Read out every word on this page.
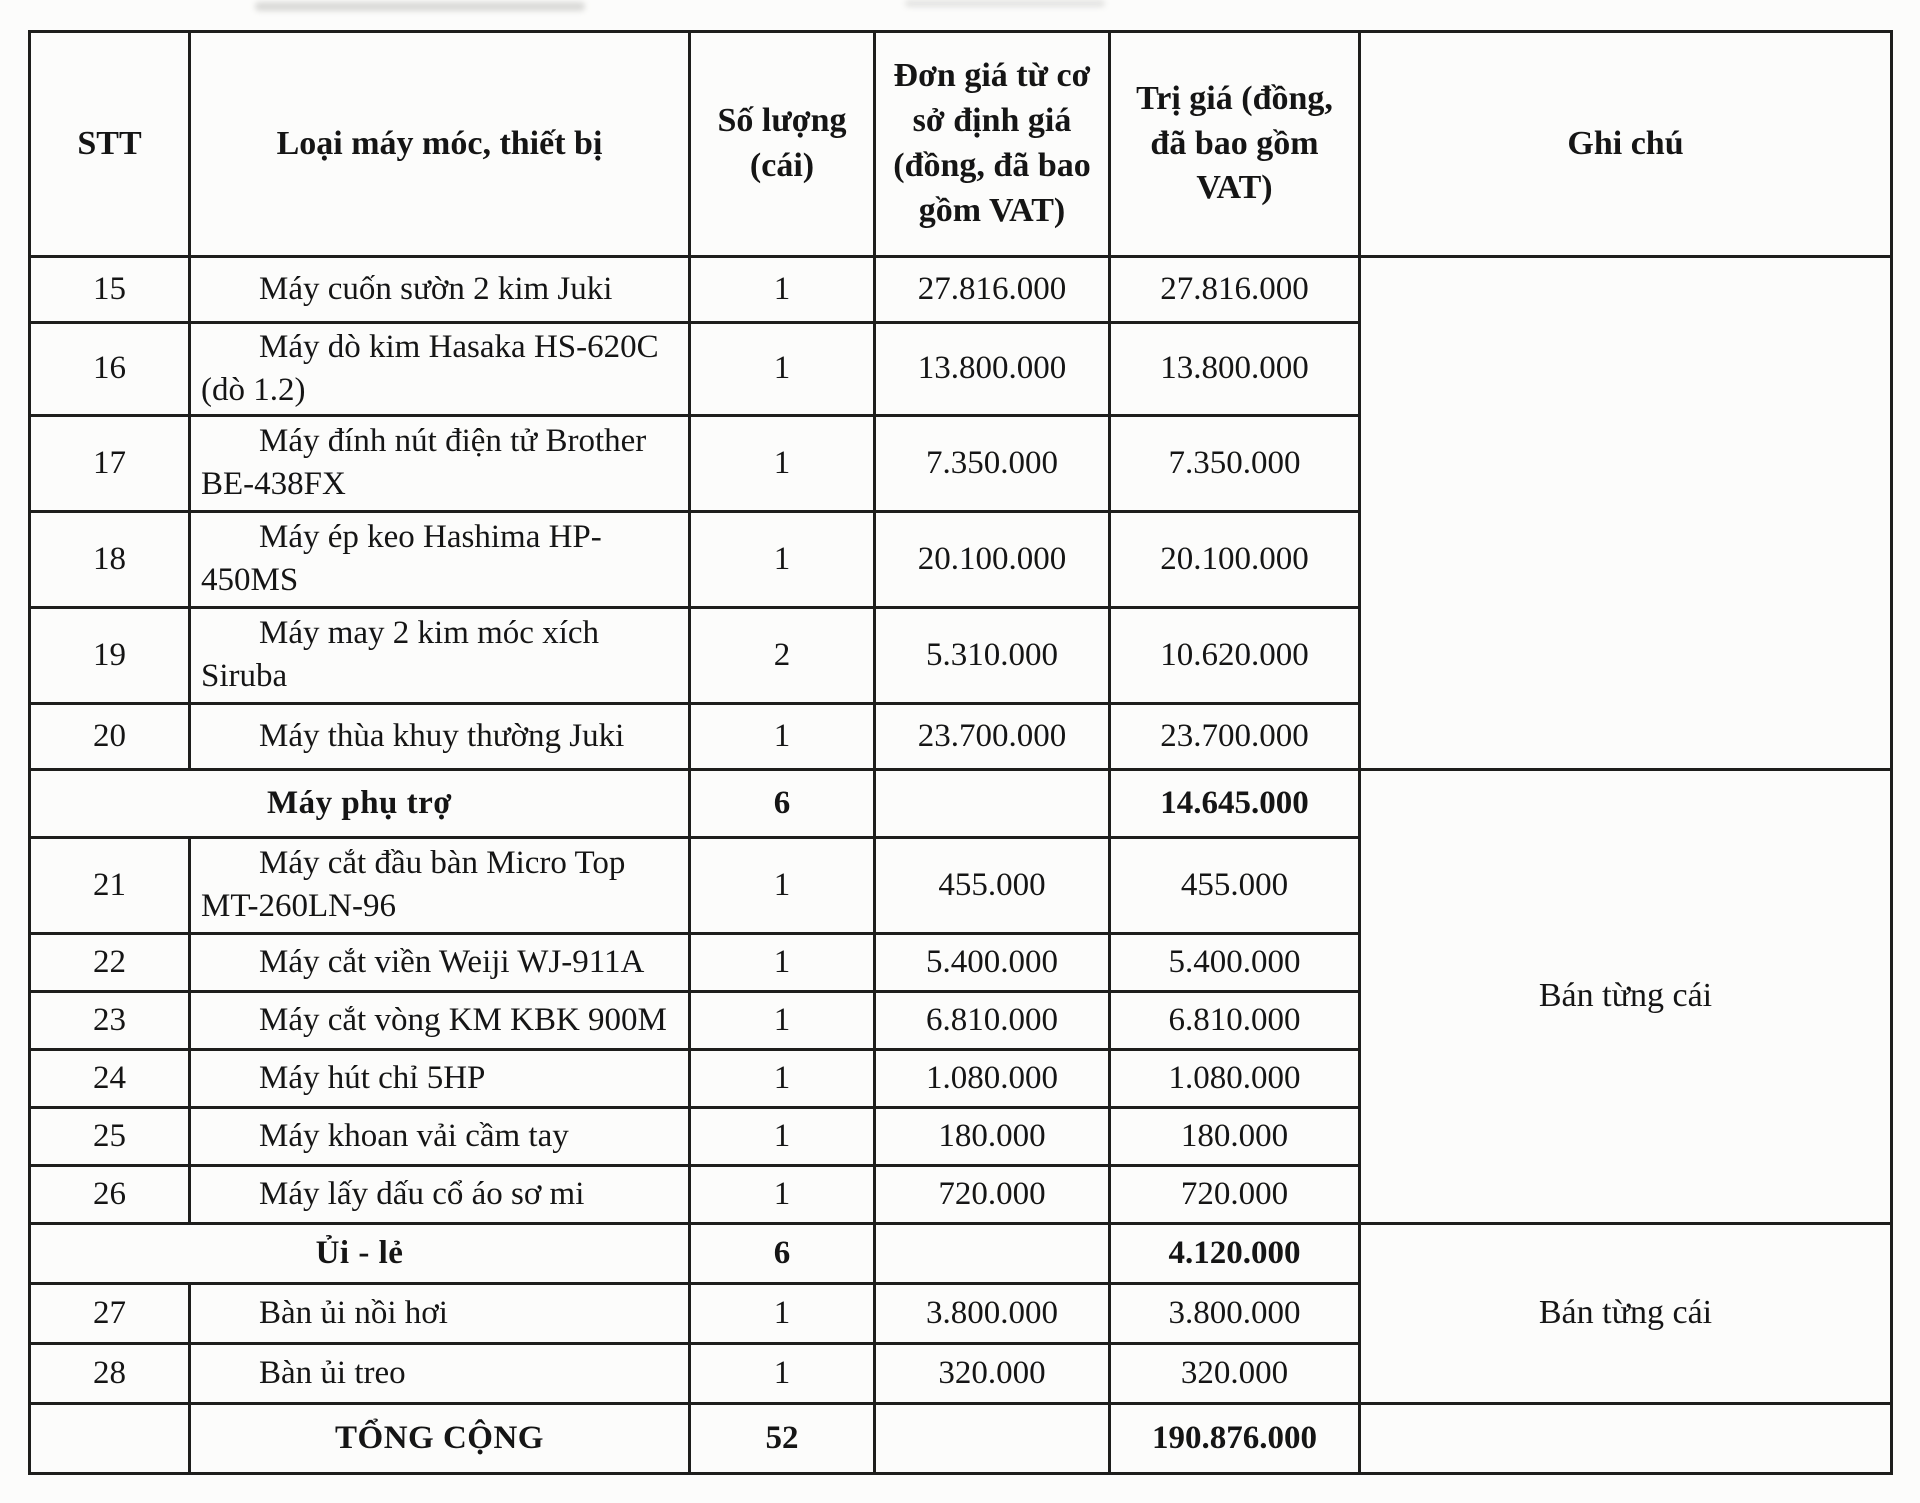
STT	Loại máy móc, thiết bị	Số lượng (cái)	Đơn giá từ cơ sở định giá (đồng, đã bao gồm VAT)	Trị giá (đồng, đã bao gồm VAT)	Ghi chú
15	Máy cuốn sườn 2 kim Juki	1	27.816.000	27.816.000	
16	Máy dò kim Hasaka HS-620C (dò 1.2)	1	13.800.000	13.800.000	
17	Máy đính nút điện tử Brother BE-438FX	1	7.350.000	7.350.000	
18	Máy ép keo Hashima HP-450MS	1	20.100.000	20.100.000	
19	Máy may 2 kim móc xích Siruba	2	5.310.000	10.620.000	
20	Máy thùa khuy thường Juki	1	23.700.000	23.700.000	
Máy phụ trợ		6		14.645.000	Bán từng cái
21	Máy cắt đầu bàn Micro Top MT-260LN-96	1	455.000	455.000	
22	Máy cắt viền Weiji WJ-911A	1	5.400.000	5.400.000	
23	Máy cắt vòng KM KBK 900M	1	6.810.000	6.810.000	
24	Máy hút chỉ 5HP	1	1.080.000	1.080.000	
25	Máy khoan vải cầm tay	1	180.000	180.000	
26	Máy lấy dấu cổ áo sơ mi	1	720.000	720.000	
Ủi - lẻ		6		4.120.000	Bán từng cái
27	Bàn ủi nồi hơi	1	3.800.000	3.800.000	
28	Bàn ủi treo	1	320.000	320.000	
	TỔNG CỘNG	52		190.876.000	
